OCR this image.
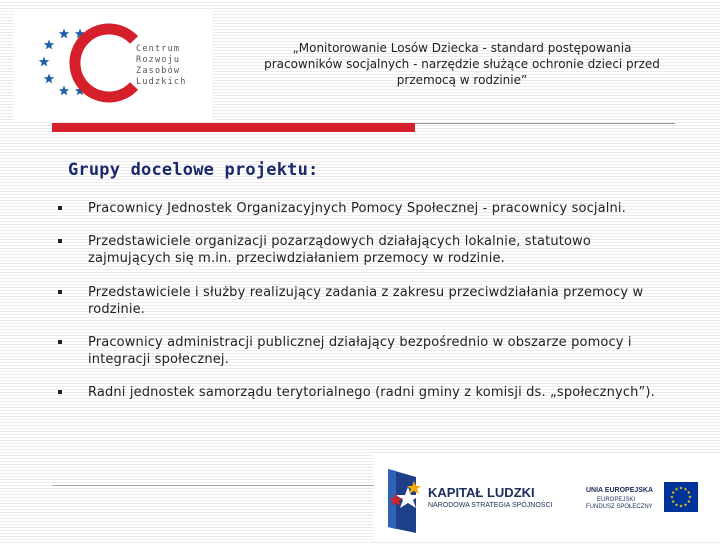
Centrum
Rozwoju
Zasobów
Ludzkich
„Monitorowanie Losów Dziecka - standard postępowania
pracowników socjalnych - narzędzie służące ochronie dzieci przed
przemocą w rodzinie”
Grupy docelowe projektu:
Pracownicy Jednostek Organizacyjnych Pomocy Społecznej - pracownicy socjalni.
Przedstawiciele organizacji pozarządowych działających lokalnie, statutowo
zajmujących się m.in. przeciwdziałaniem przemocy w rodzinie.
Przedstawiciele i służby realizujący zadania z zakresu przeciwdziałania przemocy w
rodzinie.
Pracownicy administracji publicznej działający bezpośrednio w obszarze pomocy i
integracji społecznej.
Radni jednostek samorządu terytorialnego (radni gminy z komisji ds. „społecznych”).
KAPITAŁ LUDZKI
NARODOWA STRATEGIA SPÓJNOŚCI
UNIA EUROPEJSKA
EUROPEJSKI
FUNDUSZ SPOŁECZNY
